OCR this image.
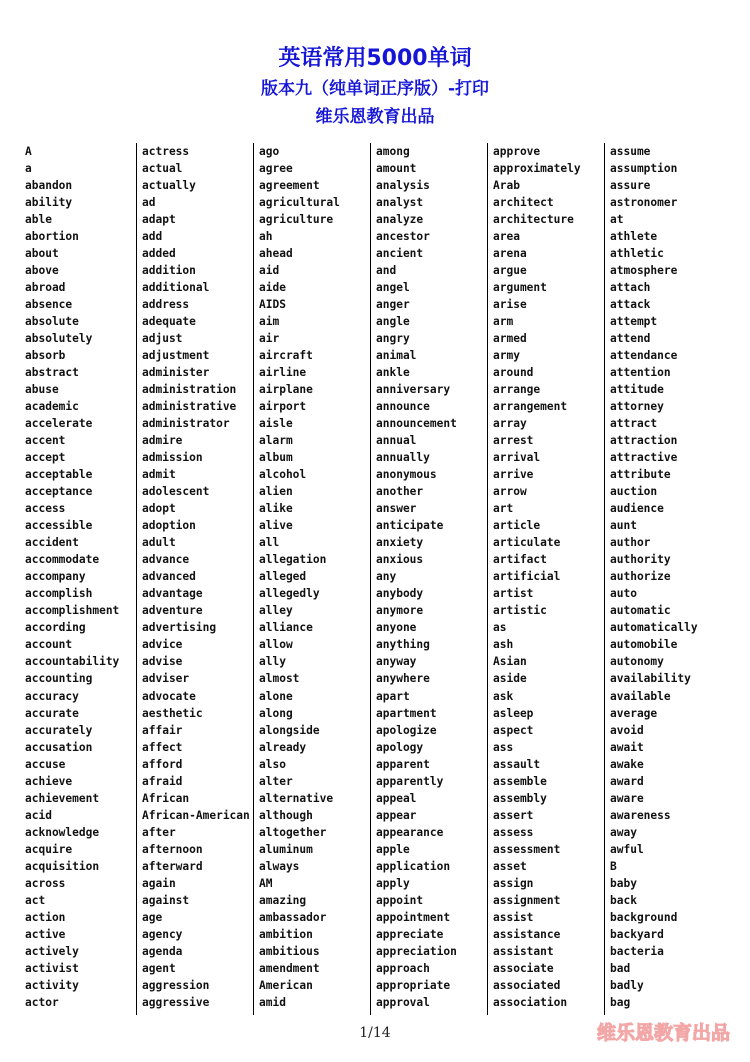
英语常用5000单词
版本九（纯单词正序版）-打印
维乐恩教育出品
A
a
abandon
ability
able
abortion
about
above
abroad
absence
absolute
absolutely
absorb
abstract
abuse
academic
accelerate
accent
accept
acceptable
acceptance
access
accessible
accident
accommodate
accompany
accomplish
accomplishment
according
account
accountability
accounting
accuracy
accurate
accurately
accusation
accuse
achieve
achievement
acid
acknowledge
acquire
acquisition
across
act
action
active
actively
activist
activity
actor
actress
actual
actually
ad
adapt
add
added
addition
additional
address
adequate
adjust
adjustment
administer
administration
administrative
administrator
admire
admission
admit
adolescent
adopt
adoption
adult
advance
advanced
advantage
adventure
advertising
advice
advise
adviser
advocate
aesthetic
affair
affect
afford
afraid
African
African-American
after
afternoon
afterward
again
against
age
agency
agenda
agent
aggression
aggressive
ago
agree
agreement
agricultural
agriculture
ah
ahead
aid
aide
AIDS
aim
air
aircraft
airline
airplane
airport
aisle
alarm
album
alcohol
alien
alike
alive
all
allegation
alleged
allegedly
alley
alliance
allow
ally
almost
alone
along
alongside
already
also
alter
alternative
although
altogether
aluminum
always
AM
amazing
ambassador
ambition
ambitious
amendment
American
amid
among
amount
analysis
analyst
analyze
ancestor
ancient
and
angel
anger
angle
angry
animal
ankle
anniversary
announce
announcement
annual
annually
anonymous
another
answer
anticipate
anxiety
anxious
any
anybody
anymore
anyone
anything
anyway
anywhere
apart
apartment
apologize
apology
apparent
apparently
appeal
appear
appearance
apple
application
apply
appoint
appointment
appreciate
appreciation
approach
appropriate
approval
approve
approximately
Arab
architect
architecture
area
arena
argue
argument
arise
arm
armed
army
around
arrange
arrangement
array
arrest
arrival
arrive
arrow
art
article
articulate
artifact
artificial
artist
artistic
as
ash
Asian
aside
ask
asleep
aspect
ass
assault
assemble
assembly
assert
assess
assessment
asset
assign
assignment
assist
assistance
assistant
associate
associated
association
assume
assumption
assure
astronomer
at
athlete
athletic
atmosphere
attach
attack
attempt
attend
attendance
attention
attitude
attorney
attract
attraction
attractive
attribute
auction
audience
aunt
author
authority
authorize
auto
automatic
automatically
automobile
autonomy
availability
available
average
avoid
await
awake
award
aware
awareness
away
awful
B
baby
back
background
backyard
bacteria
bad
badly
bag
1/14	维乐恩教育出品
